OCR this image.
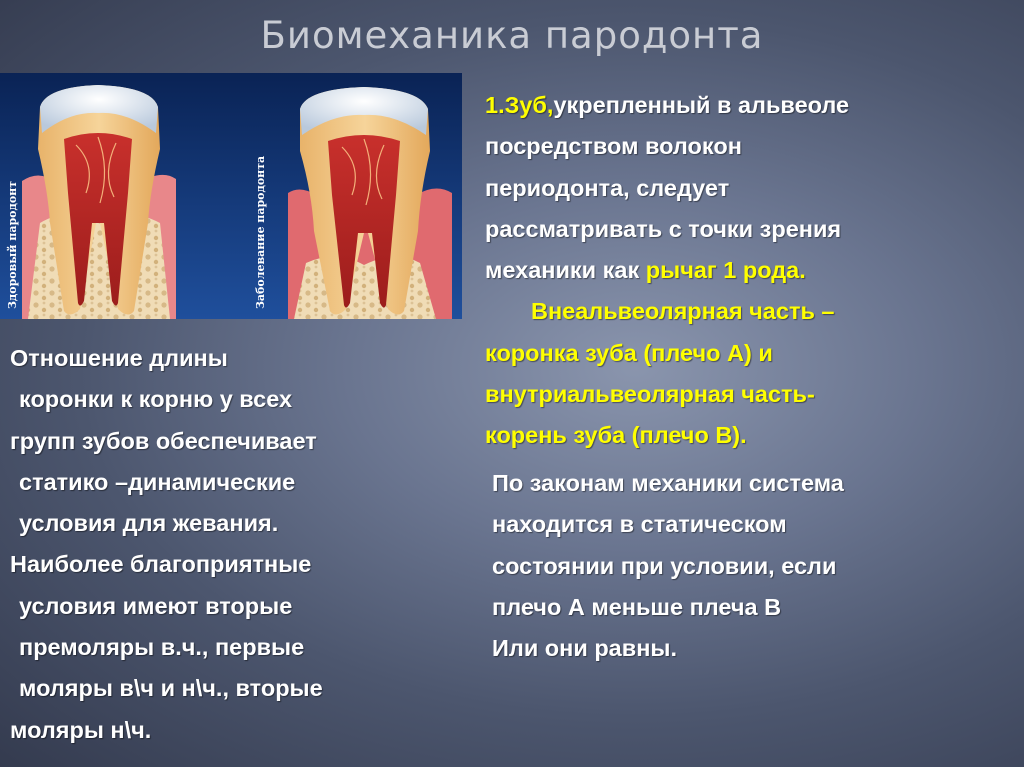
Биомеханика пародонта
Здоровый пародонт	Заболевание пародонта
Отношение длины
коронки к корню у всех
групп зубов обеспечивает
статико –динамические
условия для жевания.
Наиболее благоприятные
условия имеют вторые
премоляры в.ч., первые
моляры в\ч и н\ч., вторые
моляры н\ч.
1.Зуб,укрепленный в альвеоле
посредством волокон
периодонта, следует
рассматривать с точки зрения
механики как рычаг 1 рода.
Внеальвеолярная часть –
коронка зуба (плечо А) и
внутриальвеолярная часть-
корень зуба (плечо В).
По законам механики система
находится в статическом
состоянии при условии, если
плечо А меньше плеча В
Или они равны.
